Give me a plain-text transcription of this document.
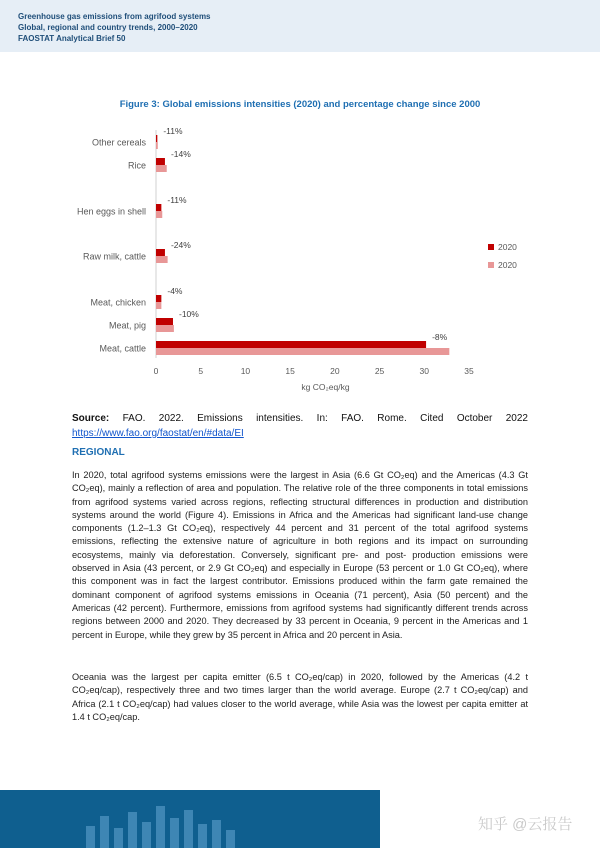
Greenhouse gas emissions from agrifood systems
Global, regional and country trends, 2000–2020
FAOSTAT Analytical Brief 50
Figure 3: Global emissions intensities (2020) and percentage change since 2000
Other cereals
-11%
Rice
-14%
Hen eggs in shell
-11%
Raw milk, cattle
-24%
Meat, chicken
-4%
Meat, pig
-10%
Meat, cattle
-8%
0	5	10	15	20	25	30	35
kg CO₂eq/kg
2020
2020
Source: FAO. 2022. Emissions intensities. In: FAO. Rome. Cited October 2022
https://www.fao.org/faostat/en/#data/EI
REGIONAL
In 2020, total agrifood systems emissions were the largest in Asia (6.6 Gt CO₂eq) and the Americas (4.3 Gt CO₂eq), mainly a reflection of area and population. The relative role of the three components in total emissions from agrifood systems varied across regions, reflecting structural differences in production and distribution systems around the world (Figure 4). Emissions in Africa and the Americas had significant land-use change components (1.2–1.3 Gt CO₂eq), respectively 44 percent and 31 percent of the total agrifood systems emissions, reflecting the extensive nature of agriculture in both regions and its impact on surrounding ecosystems, mainly via deforestation. Conversely, significant pre- and post- production emissions were observed in Asia (43 percent, or 2.9 Gt CO₂eq) and especially in Europe (53 percent or 1.0 Gt CO₂eq), where this component was in fact the largest contributor. Emissions produced within the farm gate remained the dominant component of agrifood systems emissions in Oceania (71 percent), Asia (50 percent) and the Americas (42 percent). Furthermore, emissions from agrifood systems had significantly different trends across regions between 2000 and 2020. They decreased by 33 percent in Oceania, 9 percent in the Americas and 1 percent in Europe, while they grew by 35 percent in Africa and 20 percent in Asia.
Oceania was the largest per capita emitter (6.5 t CO₂eq/cap) in 2020, followed by the Americas (4.2 t CO₂eq/cap), respectively three and two times larger than the world average. Europe (2.7 t CO₂eq/cap) and Africa (2.1 t CO₂eq/cap) had values closer to the world average, while Asia was the lowest per capita emitter at 1.4 t CO₂eq/cap.
知乎 @云报告
